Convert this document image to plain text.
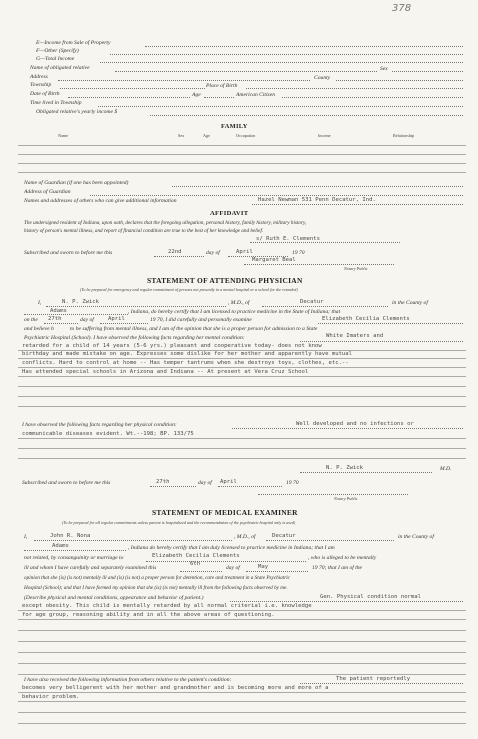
378
E—Income from Sale of Property
F—Other (Specify)
G—Total Income
Name of obligated relative	Sex
Address	County
Township	Place of Birth
Date of Birth	Age	American Citizen
Time lived in Township
Obligated relative's yearly income $
FAMILY
Name	Sex	Age	Occupation	Income	Relationship
Name of Guardian (if one has been appointed)
Address of Guardian
Names and addresses of others who can give additional information	Hazel Newman 531 Penn Decatur, Ind.
AFFIDAVIT
The undersigned resident of Indiana, upon oath, declares that the foregoing allegation, personal history, family history, military history,
history of person's mental illness, and report of financial condition are true to the best of her knowledge and belief.
s/ Ruth E. Clements
Subscribed and sworn to before me this	22nd	day of	April	19 70
Margaret Beal
Notary Public
STATEMENT OF ATTENDING PHYSICIAN
(To be prepared for emergency and regular commitment of persons not presently in a mental hospital or a school for the retarded)
I,	N. P. Zwick	, M.D., of	Decatur	in the County of
Adams	, Indiana, do hereby certify that I am licensed to practice medicine in the State of Indiana; that
on the 27th	day of	April	19 70, I did carefully and personally examine	Elizabeth Cecilia Clements
and believe h	to be suffering from mental illness, and I am of the opinion that she is a proper person for admission to a State
Psychiatric Hospital (School). I have observed the following facts regarding her mental condition:	White Imaters and
retarded for a child of 14 years (5-6 yrs.) pleasant and cooperative today- does not know
birthday and made mistake on age. Expresses some dislike for her mother and apparently have mutual
conflicts. Hard to control at home -- Has temper tantrums when she destroys toys, clothes, etc.--
Has attended special schools in Arizona and Indiana -- At present at Vera Cruz School
I have observed the following facts regarding her physical condition:	Well developed and no infections or
communicable diseases evident. Wt.--198; BP. 133/75
N. P. Zwick	M.D.
Subscribed and sworn to before me this	27th	day of April	19 70
Notary Public
STATEMENT OF MEDICAL EXAMINER
(To be prepared for all regular commitments unless patient is hospitalized and the recommendation of the psychiatric hospital only is used)
I,	John R. Nona	, M.D., of	Decatur	in the County of
Adams	, Indiana do hereby certify that I am duly licensed to practice medicine in Indiana; that I am
not related, by consanguinity or marriage to	Elizabeth Cecilia Clements	, who is alleged to be mentally
ill and whom I have carefully and separately examined this
6th
day of	May	19 70; that I am of the
opinion that she (is) (is not) mentally ill and (is) (is not) a proper person for detention, care and treatment in a State Psychiatric
Hospital (School); and that I have formed my opinion that she (is) (is not) mentally ill from the following facts observed by me.
(Describe physical and mental conditions, appearance and behavior of patient.)	Gen. Physical condition normal
except obesity. This child is mentally retarded by all normal criterial i.e. knowledge
for age group, reasoning ability and in all the above areas of questioning.
I have also received the following information from others relative to the patient's condition:	The patient reportedly
becomes very belligerent with her mother and grandmother and is becoming more and more of a
behavior problem.
